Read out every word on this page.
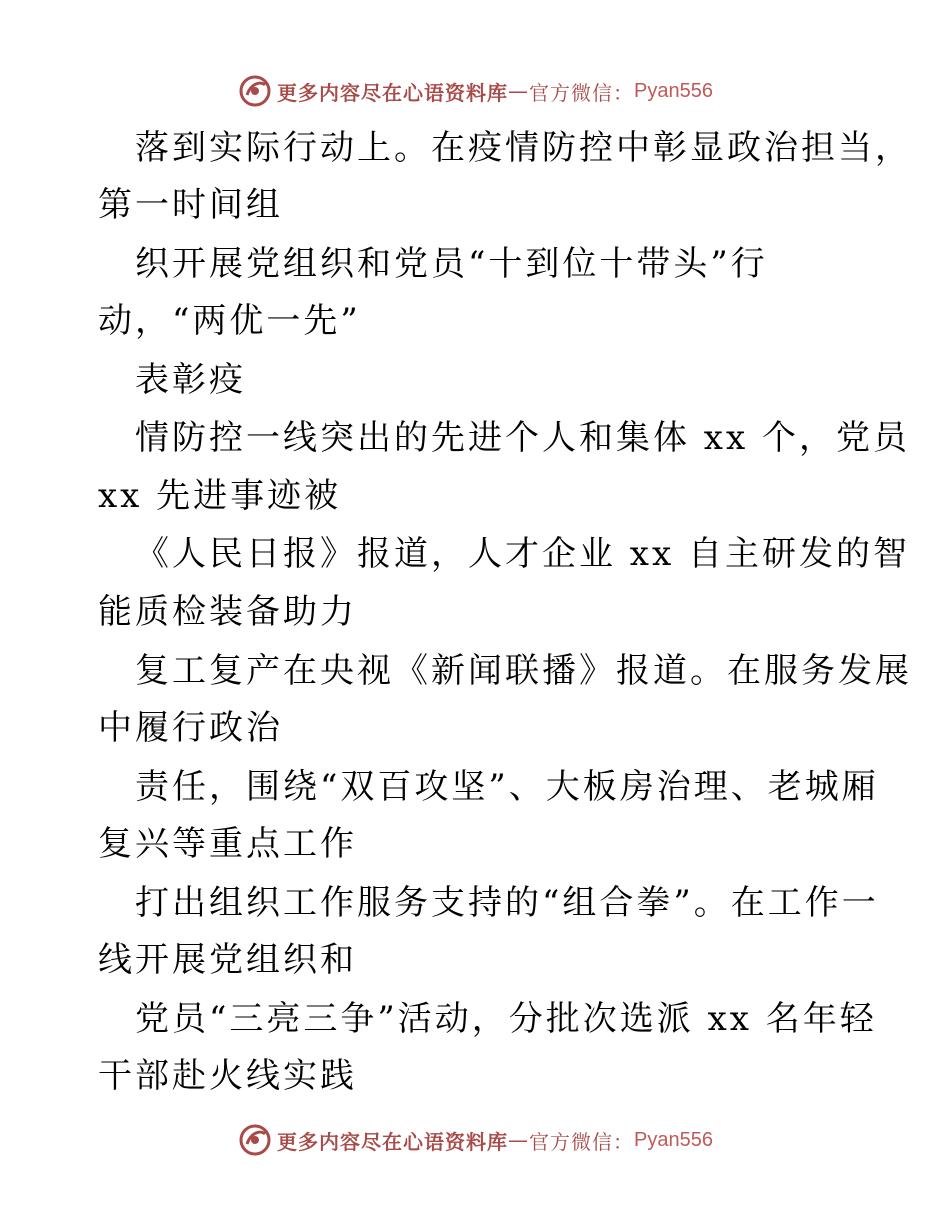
更多内容尽在心语资料库 — 官方微信： Pyan556
落到实际行动上。在疫情防控中彰显政治担当，
第一时间组
织开展党组织和党员“十到位十带头”行
动，“两优一先”
表彰疫
情防控一线突出的先进个人和集体 xx 个，党员
xx 先进事迹被
《人民日报》报道，人才企业 xx 自主研发的智
能质检装备助力
复工复产在央视《新闻联播》报道。在服务发展
中履行政治
责任，围绕“双百攻坚”、大板房治理、老城厢
复兴等重点工作
打出组织工作服务支持的“组合拳”。在工作一
线开展党组织和
党员“三亮三争”活动，分批次选派 xx 名年轻
干部赴火线实践
更多内容尽在心语资料库 — 官方微信： Pyan556
